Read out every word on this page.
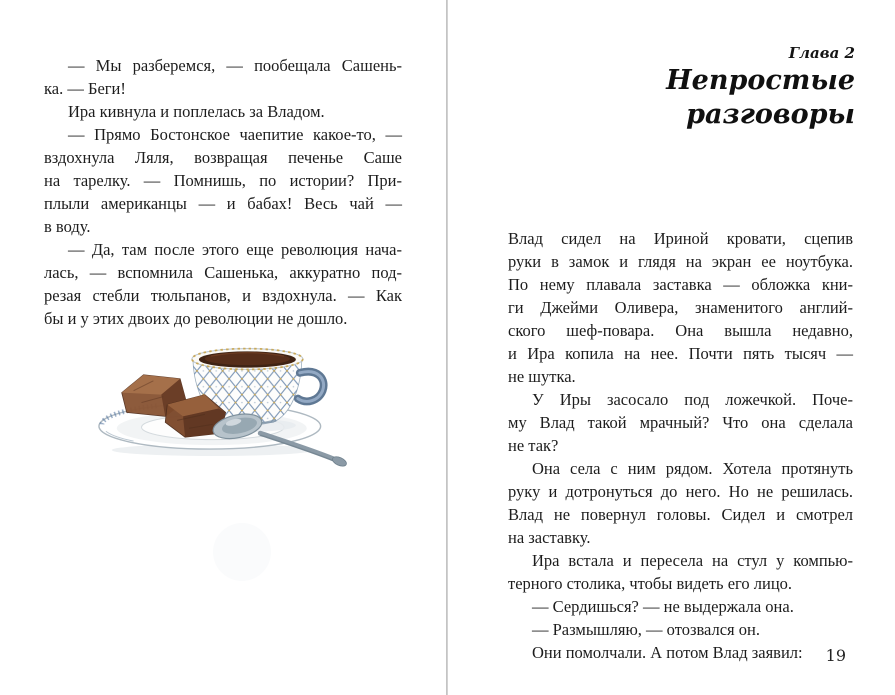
— Мы разберемся, — пообещала Сашень-
ка. — Беги!
Ира кивнула и поплелась за Владом.
— Прямо Бостонское чаепитие какое-то, —
вздохнула Ляля, возвращая печенье Саше
на тарелку. — Помнишь, по истории? При-
плыли американцы — и бабах! Весь чай —
в воду.
— Да, там после этого еще революция нача-
лась, — вспомнила Сашенька, аккуратно под-
резая стебли тюльпанов, и вздохнула. — Как
бы и у этих двоих до революции не дошло.
Глава 2
Непростые разговоры
Влад сидел на Ириной кровати, сцепив
руки в замок и глядя на экран ее ноутбука.
По нему плавала заставка — обложка кни-
ги Джейми Оливера, знаменитого англий-
ского шеф-повара. Она вышла недавно,
и Ира копила на нее. Почти пять тысяч —
не шутка.
У Иры засосало под ложечкой. Поче-
му Влад такой мрачный? Что она сделала
не так?
Она села с ним рядом. Хотела протянуть
руку и дотронуться до него. Но не решилась.
Влад не повернул головы. Сидел и смотрел
на заставку.
Ира встала и пересела на стул у компью-
терного столика, чтобы видеть его лицо.
— Сердишься? — не выдержала она.
— Размышляю, — отозвался он.
Они помолчали. А потом Влад заявил:	19
